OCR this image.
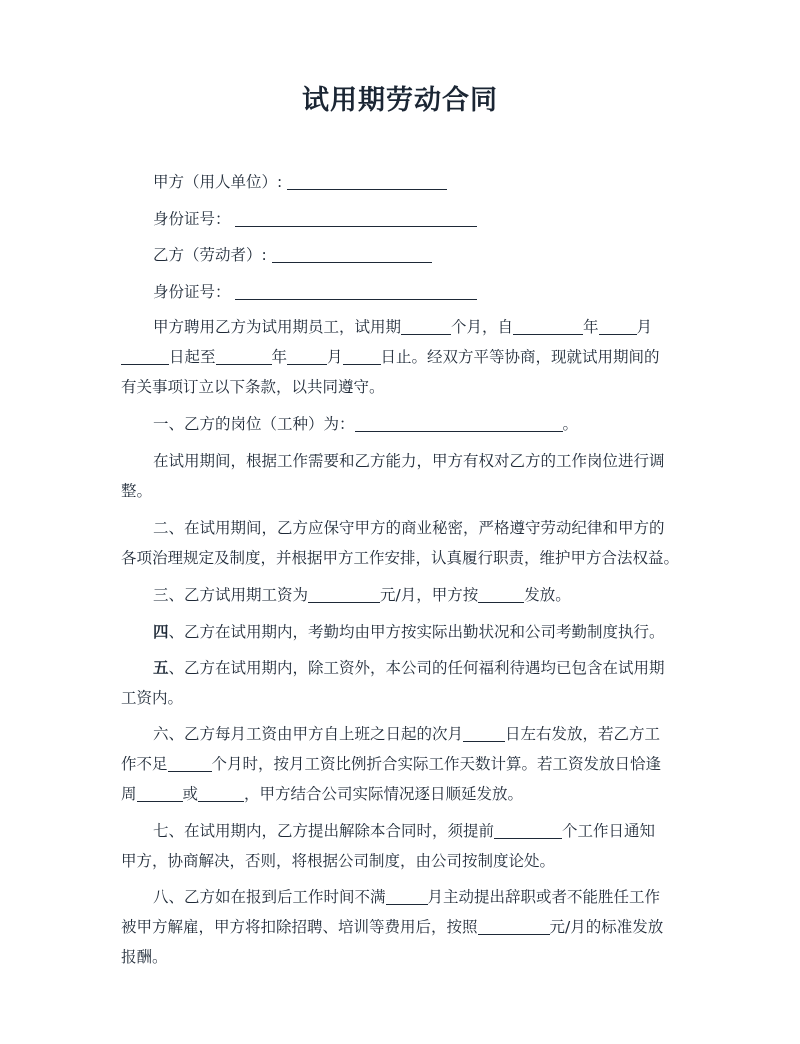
试用期劳动合同
甲方（用人单位）:
身份证号：
乙方（劳动者）:
身份证号：
甲方聘用乙方为试用期员工，试用期	个月，自	年 月
日起至	年	月 日止。经双方平等协商，现就试用期间的
有关事项订立以下条款，以共同遵守。
一、乙方的岗位（工种）为：	。
在试用期间，根据工作需要和乙方能力，甲方有权对乙方的工作岗位进行调
整。
二、在试用期间，乙方应保守甲方的商业秘密，严格遵守劳动纪律和甲方的
各项治理规定及制度，并根据甲方工作安排，认真履行职责，维护甲方合法权益。
三、乙方试用期工资为	元/月，甲方按	发放。
四、乙方在试用期内，考勤均由甲方按实际出勤状况和公司考勤制度执行。
五、乙方在试用期内，除工资外，本公司的任何福利待遇均已包含在试用期
工资内。
六、乙方每月工资由甲方自上班之日起的次月	日左右发放，若乙方工
作不足	个月时，按月工资比例折合实际工作天数计算。若工资发放日恰逢
周	或	，甲方结合公司实际情况逐日顺延发放。
七、在试用期内，乙方提出解除本合同时，须提前	个工作日通知
甲方，协商解决，否则，将根据公司制度，由公司按制度论处。
八、乙方如在报到后工作时间不满	月主动提出辞职或者不能胜任工作
被甲方解雇，甲方将扣除招聘、培训等费用后，按照	元/月的标准发放
报酬。
